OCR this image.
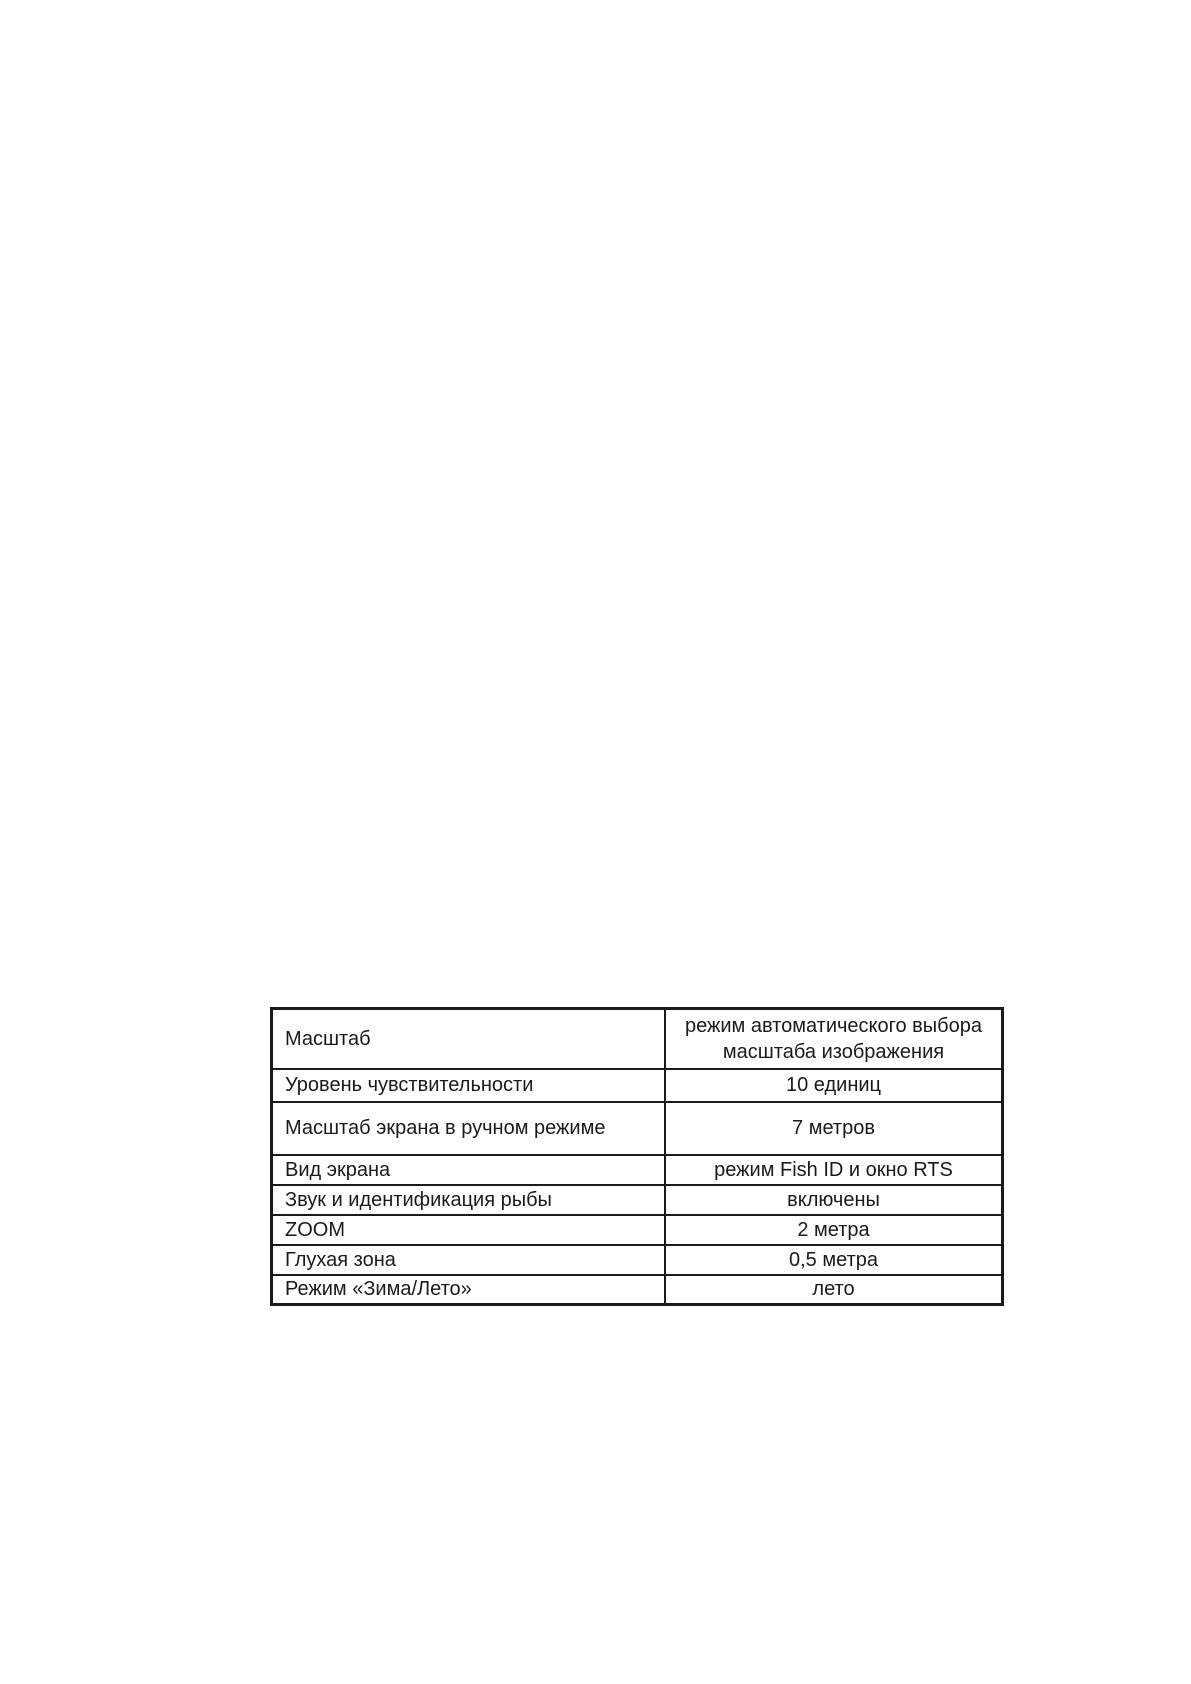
Масштаб	режим автоматического выбора масштаба изображения
Уровень чувствительности	10 единиц
Масштаб экрана в ручном режиме	7 метров
Вид экрана	режим Fish ID и окно RTS
Звук и идентификация рыбы	включены
ZOOM	2 метра
Глухая зона	0,5 метра
Режим «Зима/Лето»	лето
